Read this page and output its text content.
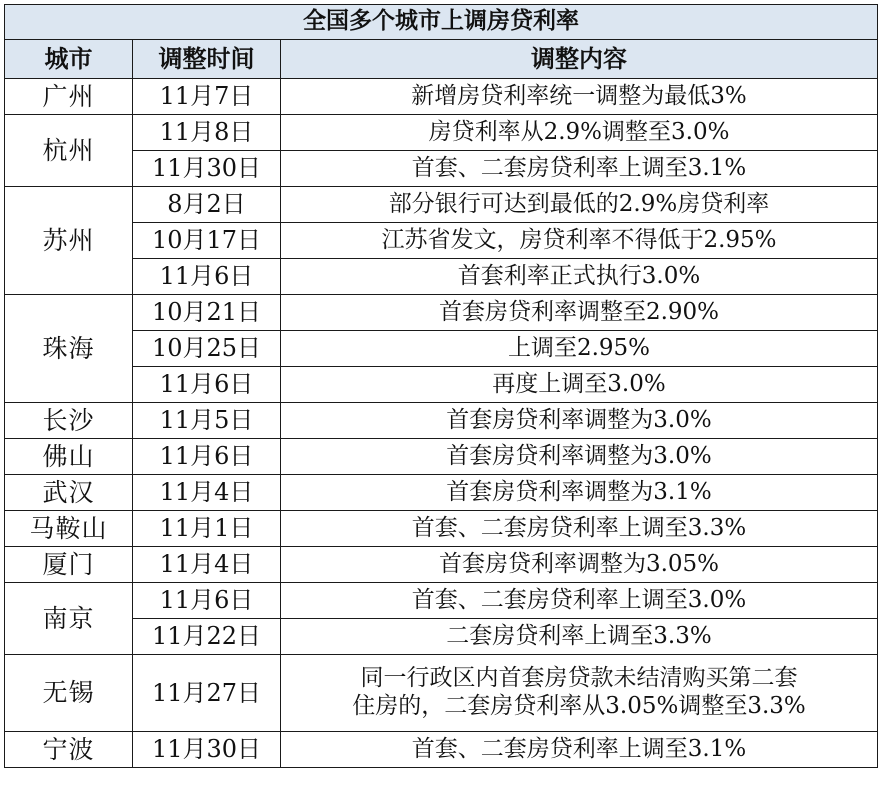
全国多个城市上调房贷利率		
城市	调整时间	调整内容
广州	11月7日	新增房贷利率统一调整为最低3%
杭州	11月8日	房贷利率从2.9%调整至3.0%
	11月30日	首套、二套房贷利率上调至3.1%
苏州	8月2日	部分银行可达到最低的2.9%房贷利率
	10月17日	江苏省发文，房贷利率不得低于2.95%
	11月6日	首套利率正式执行3.0%
珠海	10月21日	首套房贷利率调整至2.90%
	10月25日	上调至2.95%
	11月6日	再度上调至3.0%
长沙	11月5日	首套房贷利率调整为3.0%
佛山	11月6日	首套房贷利率调整为3.0%
武汉	11月4日	首套房贷利率调整为3.1%
马鞍山	11月1日	首套、二套房贷利率上调至3.3%
厦门	11月4日	首套房贷利率调整为3.05%
南京	11月6日	首套、二套房贷利率上调至3.0%
	11月22日	二套房贷利率上调至3.3%
无锡	11月27日	同一行政区内首套房贷款未结清购买第二套
住房的，二套房贷利率从3.05%调整至3.3%

宁波	11月30日	首套、二套房贷利率上调至3.1%
